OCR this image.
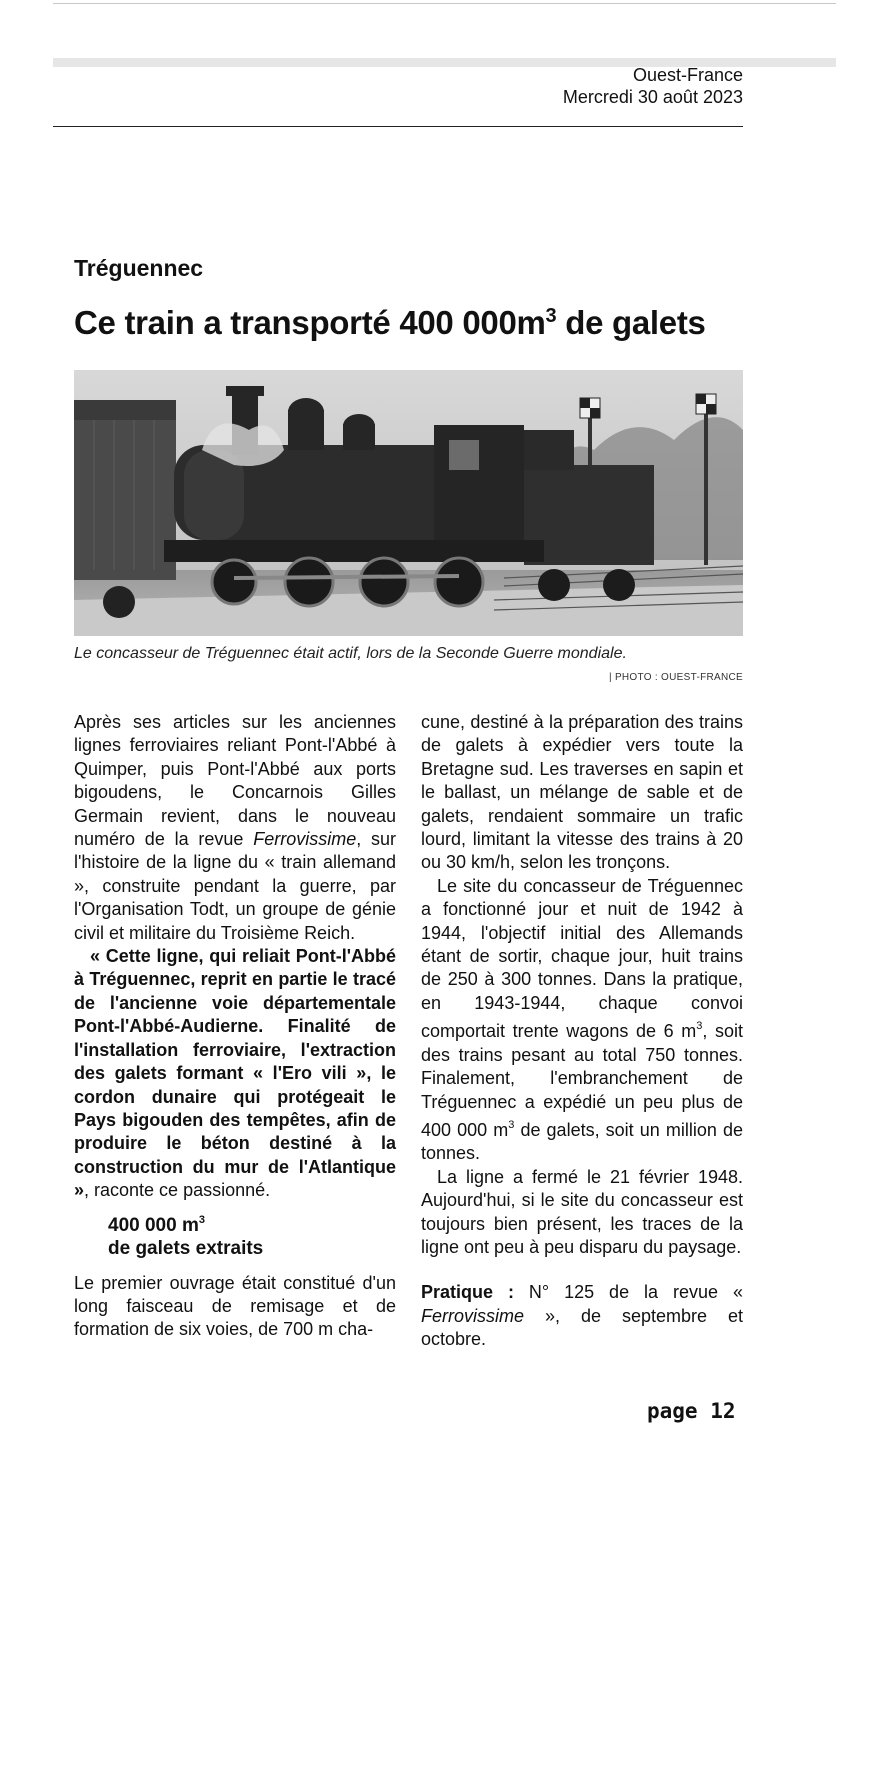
Ouest-France
Mercredi 30 août 2023
Tréguennec
Ce train a transporté 400 $000m^3$ de galets
Le concasseur de Tréguennec était actif, lors de la Seconde Guerre mondiale.
| PHOTO : OUEST-FRANCE

Après ses articles sur les anciennes lignes ferroviaires reliant Pont-l'Abbé à Quimper, puis Pont-l'Abbé aux ports bigoudens, le Concarnois Gilles Germain revient, dans le nouveau numéro de la revue Ferrovissime, sur l'histoire de la ligne du « train allemand », construite pendant la guerre, par l'Organisation Todt, un groupe de génie civil et militaire du Troisième Reich.

« Cette ligne, qui reliait Pont-l'Abbé à Tréguennec, reprit en partie le tracé de l'ancienne voie départementale Pont-l'Abbé-Audierne. Finalité de l'installation ferroviaire, l'extraction des galets formant « l'Ero vili », le cordon dunaire qui protégeait le Pays bigouden des tempêtes, afin de produire le béton destiné à la construction du mur de l'Atlantique », raconte ce passionné.

400 000 $m^3$
de galets extraits

Le premier ouvrage était constitué d'un long faisceau de remisage et de formation de six voies, de 700 m cha-

cune, destiné à la préparation des trains de galets à expédier vers toute la Bretagne sud. Les traverses en sapin et le ballast, un mélange de sable et de galets, rendaient sommaire un trafic lourd, limitant la vitesse des trains à 20 ou 30 km/h, selon les tronçons.

Le site du concasseur de Tréguennec a fonctionné jour et nuit de 1942 à 1944, l'objectif initial des Allemands étant de sortir, chaque jour, huit trains de 250 à 300 tonnes. Dans la pratique, en 1943-1944, chaque convoi comportait trente wagons de 6 $m^3$, soit des trains pesant au total 750 tonnes. Finalement, l'embranchement de Tréguennec a expédié un peu plus de 400 000 $m^3$ de galets, soit un million de tonnes.

La ligne a fermé le 21 février 1948. Aujourd'hui, si le site du concasseur est toujours bien présent, les traces de la ligne ont peu à peu disparu du paysage.

Pratique : N° 125 de la revue « Ferrovissime », de septembre et octobre.

page 12
